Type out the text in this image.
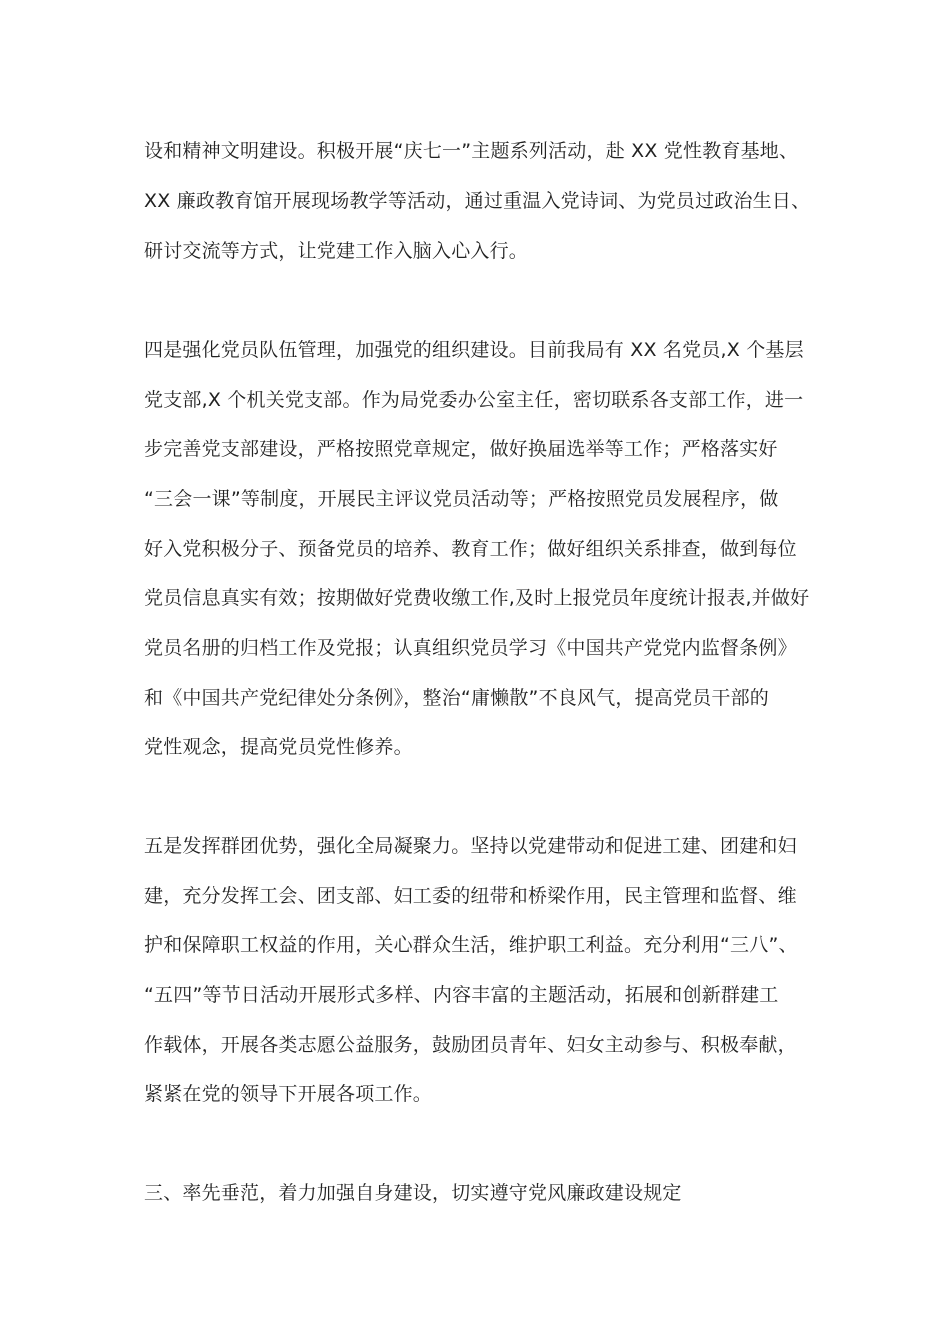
设和精神文明建设。积极开展“庆七一”主题系列活动，赴 XX 党性教育基地、
XX 廉政教育馆开展现场教学等活动，通过重温入党诗词、为党员过政治生日、
研讨交流等方式，让党建工作入脑入心入行。
四是强化党员队伍管理，加强党的组织建设。目前我局有 XX 名党员,X 个基层
党支部,X 个机关党支部。作为局党委办公室主任，密切联系各支部工作，进一
步完善党支部建设，严格按照党章规定，做好换届选举等工作；严格落实好
“三会一课”等制度，开展民主评议党员活动等；严格按照党员发展程序，做
好入党积极分子、预备党员的培养、教育工作；做好组织关系排查，做到每位
党员信息真实有效；按期做好党费收缴工作,及时上报党员年度统计报表,并做好
党员名册的归档工作及党报；认真组织党员学习《中国共产党党内监督条例》
和《中国共产党纪律处分条例》，整治“庸懒散”不良风气，提高党员干部的
党性观念，提高党员党性修养。
五是发挥群团优势，强化全局凝聚力。坚持以党建带动和促进工建、团建和妇
建，充分发挥工会、团支部、妇工委的纽带和桥梁作用，民主管理和监督、维
护和保障职工权益的作用，关心群众生活，维护职工利益。充分利用“三八”、
“五四”等节日活动开展形式多样、内容丰富的主题活动，拓展和创新群建工
作载体，开展各类志愿公益服务，鼓励团员青年、妇女主动参与、积极奉献，
紧紧在党的领导下开展各项工作。
三、率先垂范，着力加强自身建设，切实遵守党风廉政建设规定
